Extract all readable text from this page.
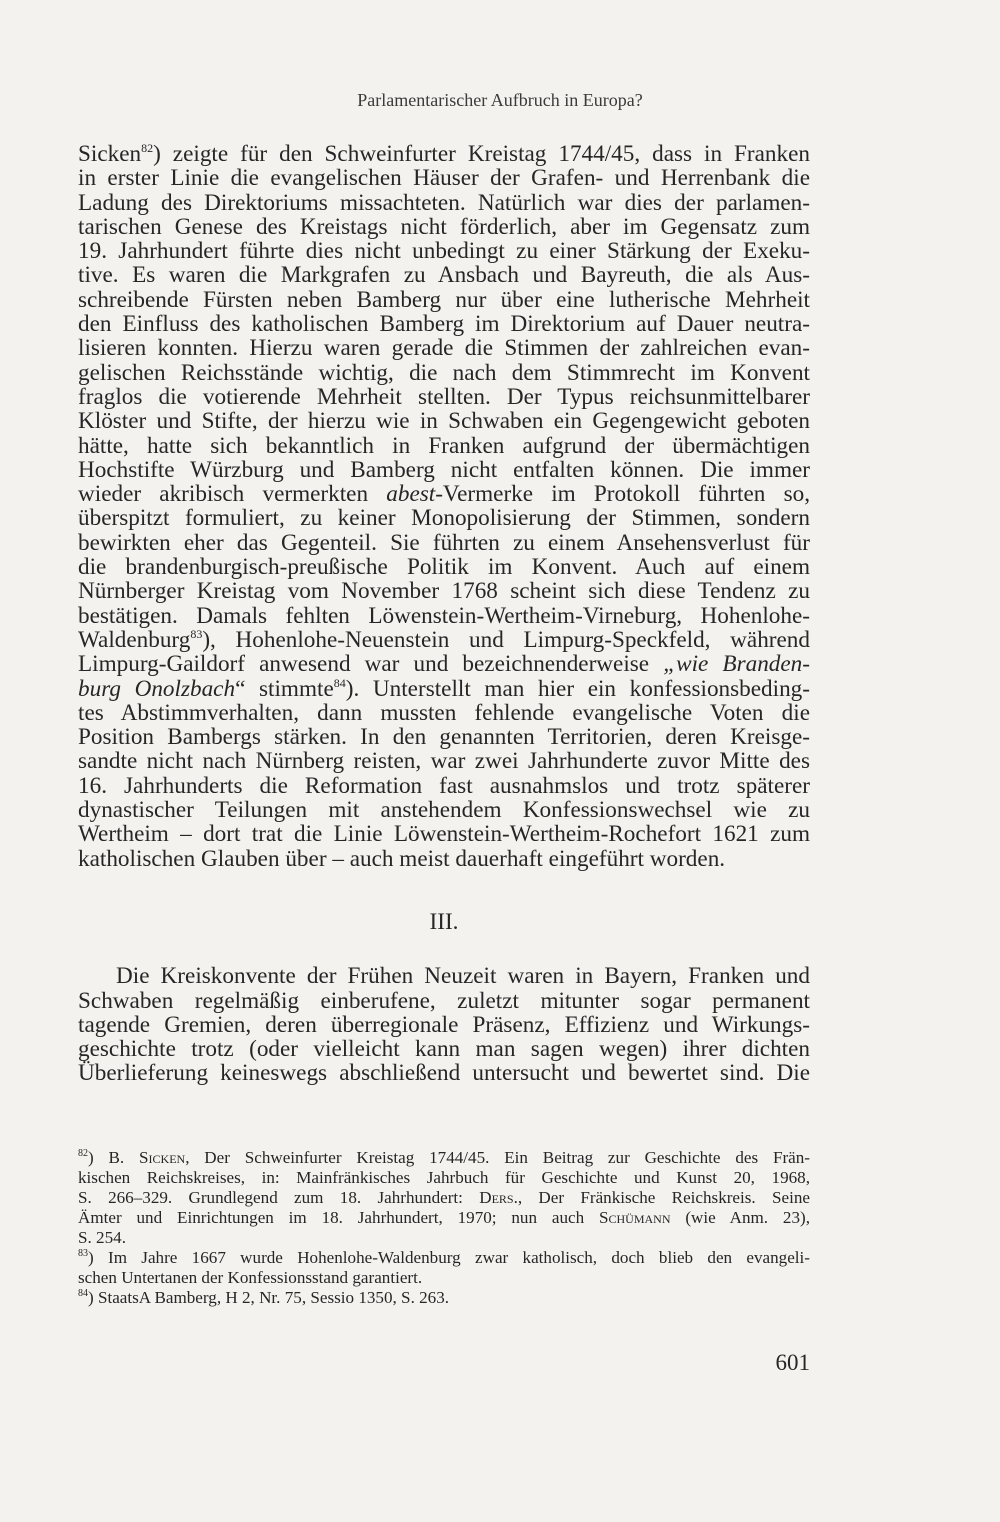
Parlamentarischer Aufbruch in Europa?
Sicken$^{82}$) zeigte für den Schweinfurter Kreistag 1744/45, dass in Franken
in erster Linie die evangelischen Häuser der Grafen- und Herrenbank die
Ladung des Direktoriums missachteten. Natürlich war dies der parlamen-
tarischen Genese des Kreistags nicht förderlich, aber im Gegensatz zum
19. Jahrhundert führte dies nicht unbedingt zu einer Stärkung der Exeku-
tive. Es waren die Markgrafen zu Ansbach und Bayreuth, die als Aus-
schreibende Fürsten neben Bamberg nur über eine lutherische Mehrheit
den Einfluss des katholischen Bamberg im Direktorium auf Dauer neutra-
lisieren konnten. Hierzu waren gerade die Stimmen der zahlreichen evan-
gelischen Reichsstände wichtig, die nach dem Stimmrecht im Konvent
fraglos die votierende Mehrheit stellten. Der Typus reichsunmittelbarer
Klöster und Stifte, der hierzu wie in Schwaben ein Gegengewicht geboten
hätte, hatte sich bekanntlich in Franken aufgrund der übermächtigen
Hochstifte Würzburg und Bamberg nicht entfalten können. Die immer
wieder akribisch vermerkten abest-Vermerke im Protokoll führten so,
überspitzt formuliert, zu keiner Monopolisierung der Stimmen, sondern
bewirkten eher das Gegenteil. Sie führten zu einem Ansehensverlust für
die brandenburgisch-preußische Politik im Konvent. Auch auf einem
Nürnberger Kreistag vom November 1768 scheint sich diese Tendenz zu
bestätigen. Damals fehlten Löwenstein-Wertheim-Virneburg, Hohenlohe-
Waldenburg$^{83}$), Hohenlohe-Neuenstein und Limpurg-Speckfeld, während
Limpurg-Gaildorf anwesend war und bezeichnenderweise „wie Branden-
burg Onolzbach“ stimmte$^{84}$). Unterstellt man hier ein konfessionsbeding-
tes Abstimmverhalten, dann mussten fehlende evangelische Voten die
Position Bambergs stärken. In den genannten Territorien, deren Kreisge-
sandte nicht nach Nürnberg reisten, war zwei Jahrhunderte zuvor Mitte des
16. Jahrhunderts die Reformation fast ausnahmslos und trotz späterer
dynastischer Teilungen mit anstehendem Konfessionswechsel wie zu
Wertheim – dort trat die Linie Löwenstein-Wertheim-Rochefort 1621 zum
katholischen Glauben über – auch meist dauerhaft eingeführt worden.
III.
Die Kreiskonvente der Frühen Neuzeit waren in Bayern, Franken und
Schwaben regelmäßig einberufene, zuletzt mitunter sogar permanent
tagende Gremien, deren überregionale Präsenz, Effizienz und Wirkungs-
geschichte trotz (oder vielleicht kann man sagen wegen) ihrer dichten
Überlieferung keineswegs abschließend untersucht und bewertet sind. Die
$^{82}$) B. Sicken, Der Schweinfurter Kreistag 1744/45. Ein Beitrag zur Geschichte des Frän-
kischen Reichskreises, in: Mainfränkisches Jahrbuch für Geschichte und Kunst 20, 1968,
S. 266–329. Grundlegend zum 18. Jahrhundert: Ders., Der Fränkische Reichskreis. Seine
Ämter und Einrichtungen im 18. Jahrhundert, 1970; nun auch Schümann (wie Anm. 23),
S. 254.
$^{83}$) Im Jahre 1667 wurde Hohenlohe-Waldenburg zwar katholisch, doch blieb den evangeli-
schen Untertanen der Konfessionsstand garantiert.
$^{84}$) StaatsA Bamberg, H 2, Nr. 75, Sessio 1350, S. 263.
601
